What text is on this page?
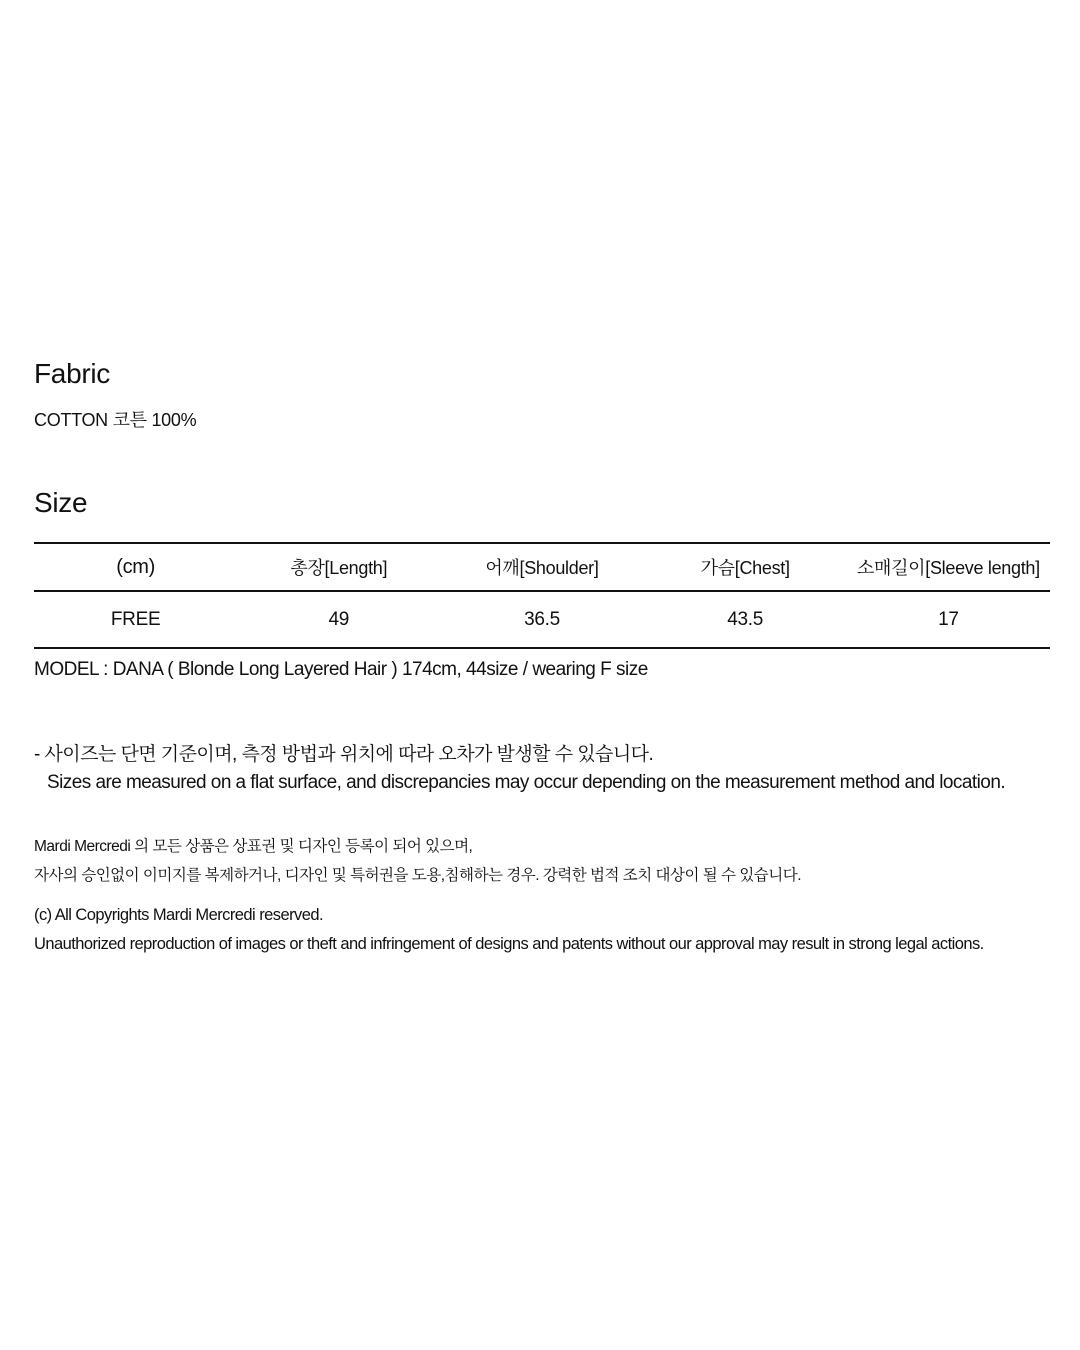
Fabric
COTTON 코튼 100%
Size
(cm)	총장[Length]	어깨[Shoulder]	가슴[Chest]	소매길이[Sleeve length]
FREE	49	36.5	43.5	17
MODEL : DANA ( Blonde Long Layered Hair ) 174cm, 44size / wearing F size
- 사이즈는 단면 기준이며, 측정 방법과 위치에 따라 오차가 발생할 수 있습니다.
Sizes are measured on a flat surface, and discrepancies may occur depending on the measurement method and location.
Mardi Mercredi 의 모든 상품은 상표권 및 디자인 등록이 되어 있으며,
자사의 승인없이 이미지를 복제하거나, 디자인 및 특허권을 도용,침해하는 경우. 강력한 법적 조치 대상이 될 수 있습니다.
(c) All Copyrights Mardi Mercredi reserved.
Unauthorized reproduction of images or theft and infringement of designs and patents without our approval may result in strong legal actions.
